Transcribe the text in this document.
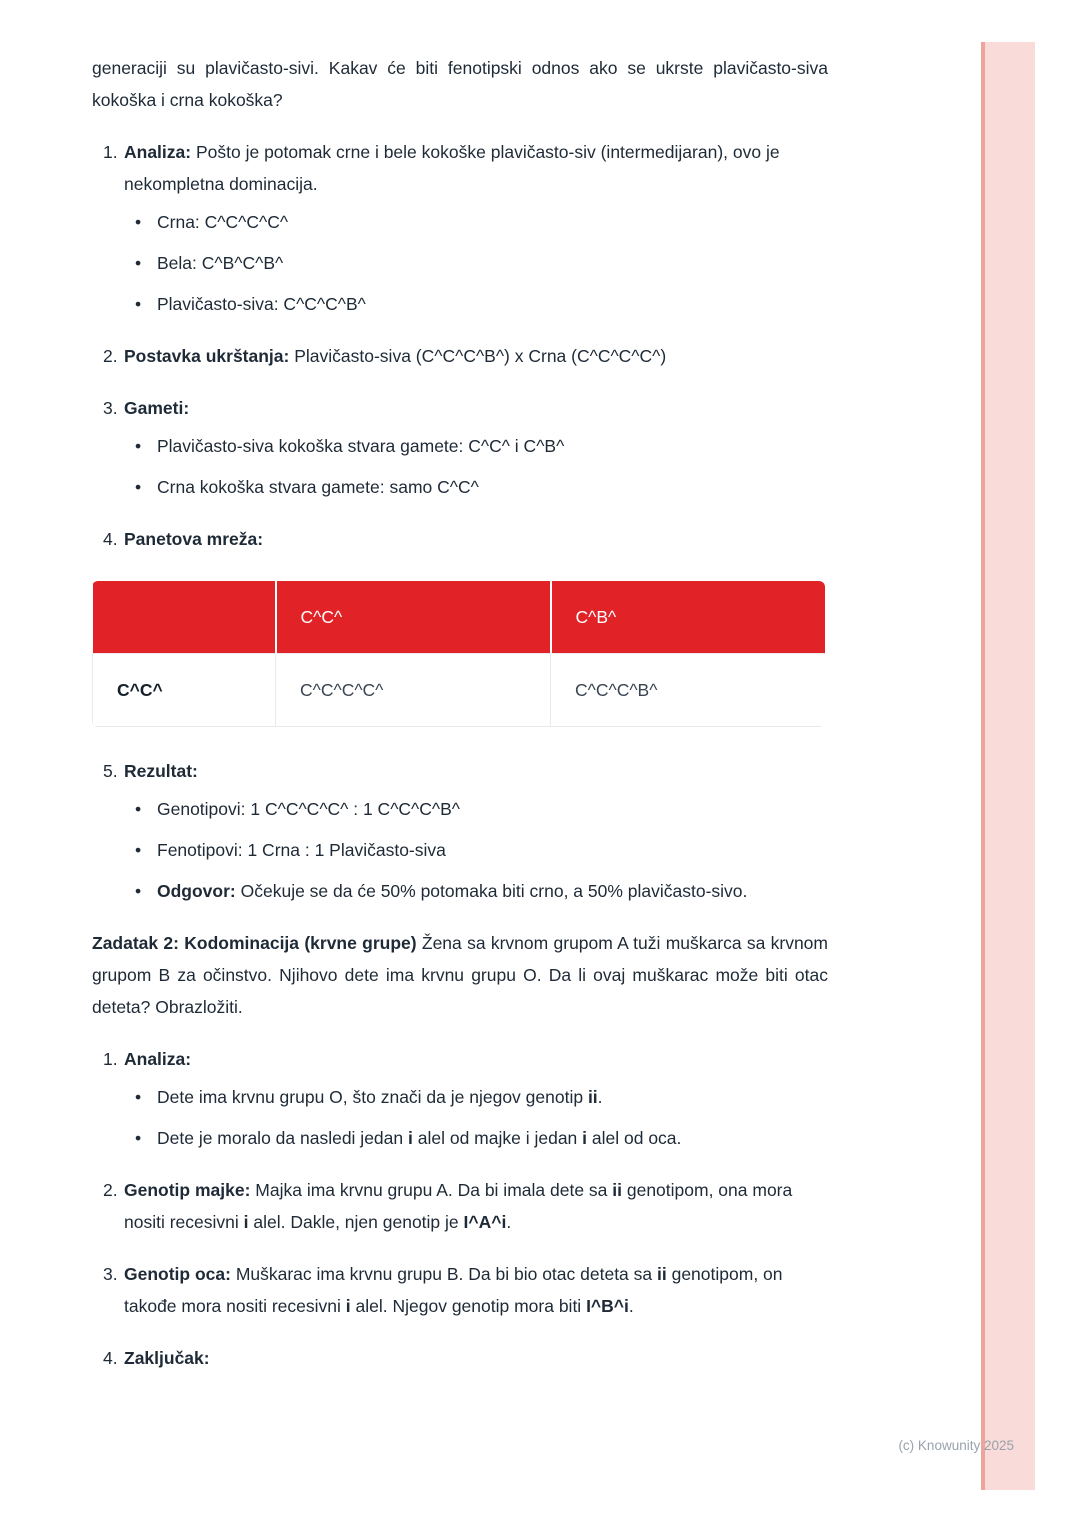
generaciji su plavičasto-sivi. Kakav će biti fenotipski odnos ako se ukrste plavičasto-siva kokoška i crna kokoška?

1. Analiza: Pošto je potomak crne i bele kokoške plavičasto-siv (intermedijaran), ovo je nekompletna dominacija.
• Crna: C^C^C^C^
• Bela: C^B^C^B^
• Plavičasto-siva: C^C^C^B^
2. Postavka ukrštanja: Plavičasto-siva (C^C^C^B^) x Crna (C^C^C^C^)
3. Gameti:
• Plavičasto-siva kokoška stvara gamete: C^C^ i C^B^
• Crna kokoška stvara gamete: samo C^C^
4. Panetova mreža:
	C^C^	C^B^
C^C^	C^C^C^C^	C^C^C^B^
5. Rezultat:
• Genotipovi: 1 C^C^C^C^ : 1 C^C^C^B^
• Fenotipovi: 1 Crna : 1 Plavičasto-siva
• Odgovor: Očekuje se da će 50% potomaka biti crno, a 50% plavičasto-sivo.

Zadatak 2: Kodominacija (krvne grupe) Žena sa krvnom grupom A tuži muškarca sa krvnom grupom B za očinstvo. Njihovo dete ima krvnu grupu O. Da li ovaj muškarac može biti otac deteta? Obrazložiti.

1. Analiza:
• Dete ima krvnu grupu O, što znači da je njegov genotip ii.
• Dete je moralo da nasledi jedan i alel od majke i jedan i alel od oca.
2. Genotip majke: Majka ima krvnu grupu A. Da bi imala dete sa ii genotipom, ona mora nositi recesivni i alel. Dakle, njen genotip je I^A^i.
3. Genotip oca: Muškarac ima krvnu grupu B. Da bi bio otac deteta sa ii genotipom, on takođe mora nositi recesivni i alel. Njegov genotip mora biti I^B^i.
4. Zaključak:
(c) Knowunity 2025
